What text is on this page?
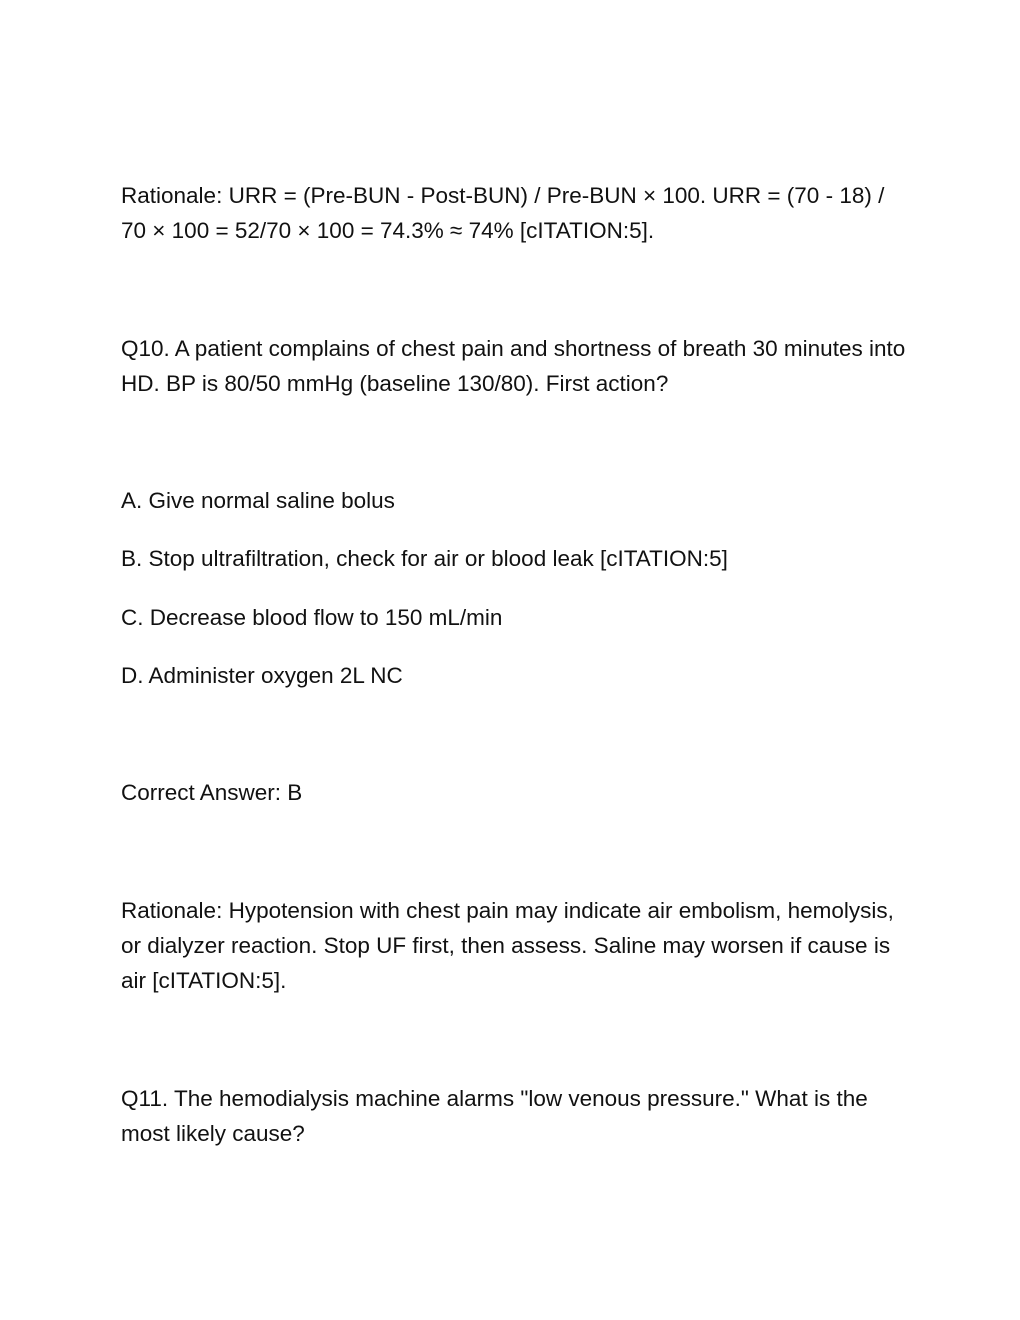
Rationale: URR = (Pre-BUN - Post-BUN) / Pre-BUN × 100. URR = (70 - 18) / 70 × 100 = 52/70 × 100 = 74.3% ≈ 74% [cITATION:5].

Q10. A patient complains of chest pain and shortness of breath 30 minutes into HD. BP is 80/50 mmHg (baseline 130/80). First action?

A. Give normal saline bolus

B. Stop ultrafiltration, check for air or blood leak [cITATION:5]

C. Decrease blood flow to 150 mL/min

D. Administer oxygen 2L NC

Correct Answer: B

Rationale: Hypotension with chest pain may indicate air embolism, hemolysis, or dialyzer reaction. Stop UF first, then assess. Saline may worsen if cause is air [cITATION:5].

Q11. The hemodialysis machine alarms "low venous pressure." What is the most likely cause?
